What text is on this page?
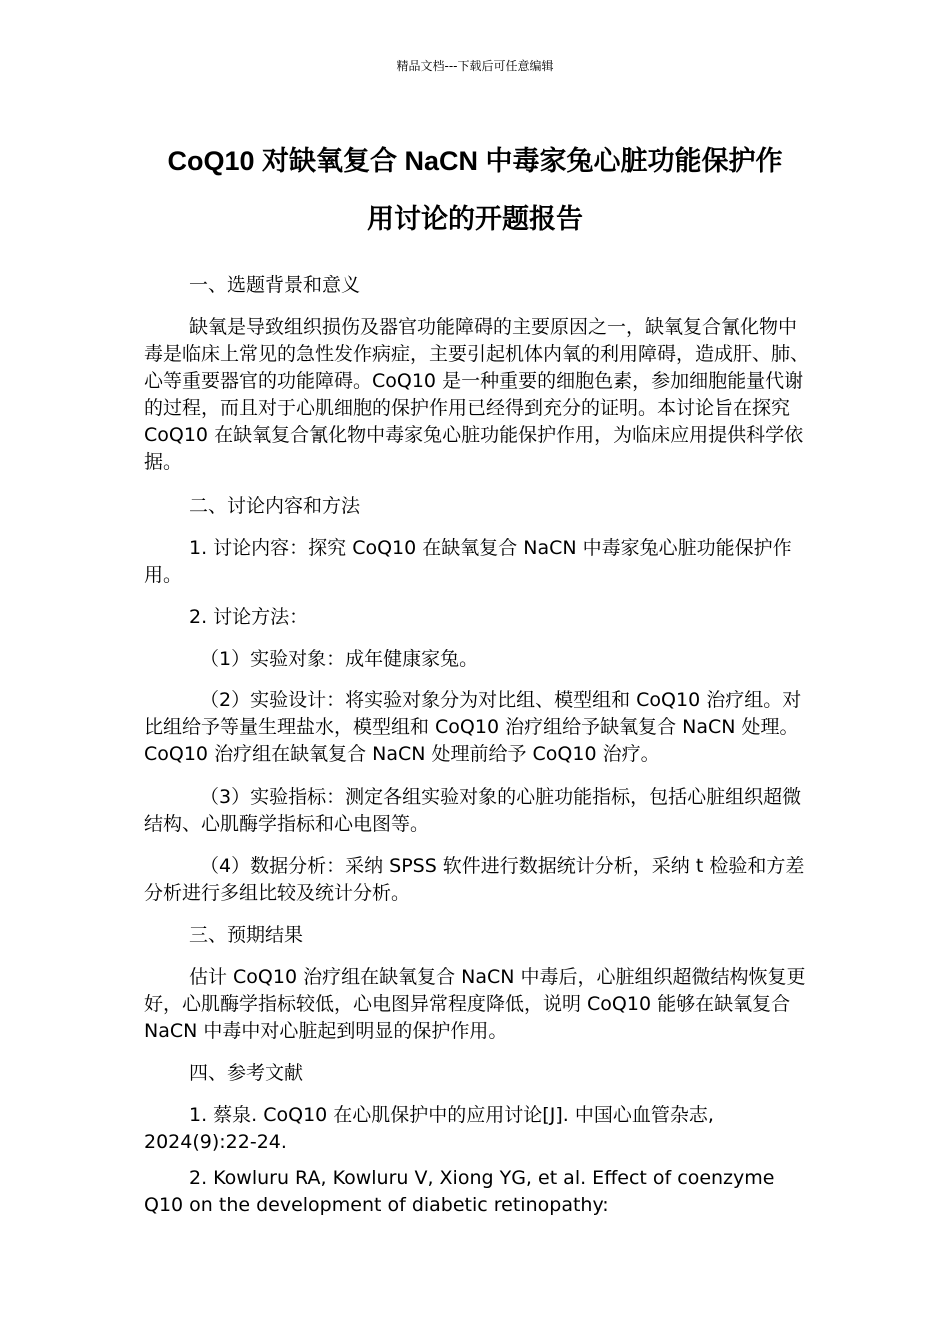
精品文档---下载后可任意编辑
CoQ10 对缺氧复合 NaCN 中毒家兔心脏功能保护作
用讨论的开题报告

一、选题背景和意义

缺氧是导致组织损伤及器官功能障碍的主要原因之一，缺氧复合氰化物中毒是临床上常见的急性发作病症，主要引起机体内氧的利用障碍，造成肝、肺、心等重要器官的功能障碍。CoQ10 是一种重要的细胞色素，参加细胞能量代谢的过程，而且对于心肌细胞的保护作用已经得到充分的证明。本讨论旨在探究 CoQ10 在缺氧复合氰化物中毒家兔心脏功能保护作用，为临床应用提供科学依据。

二、讨论内容和方法

1. 讨论内容：探究 CoQ10 在缺氧复合 NaCN 中毒家兔心脏功能保护作用。

2. 讨论方法：

（1）实验对象：成年健康家兔。

（2）实验设计：将实验对象分为对比组、模型组和 CoQ10 治疗组。对比组给予等量生理盐水，模型组和 CoQ10 治疗组给予缺氧复合 NaCN 处理。CoQ10 治疗组在缺氧复合 NaCN 处理前给予 CoQ10 治疗。

（3）实验指标：测定各组实验对象的心脏功能指标，包括心脏组织超微结构、心肌酶学指标和心电图等。

（4）数据分析：采纳 SPSS 软件进行数据统计分析，采纳 t 检验和方差分析进行多组比较及统计分析。

三、预期结果

估计 CoQ10 治疗组在缺氧复合 NaCN 中毒后，心脏组织超微结构恢复更好，心肌酶学指标较低，心电图异常程度降低，说明 CoQ10 能够在缺氧复合 NaCN 中毒中对心脏起到明显的保护作用。

四、参考文献

1. 蔡泉. CoQ10 在心肌保护中的应用讨论[J]. 中国心血管杂志, 2024(9):22-24.

2. Kowluru RA, Kowluru V, Xiong YG, et al. Effect of coenzyme Q10 on the development of diabetic retinopathy:
